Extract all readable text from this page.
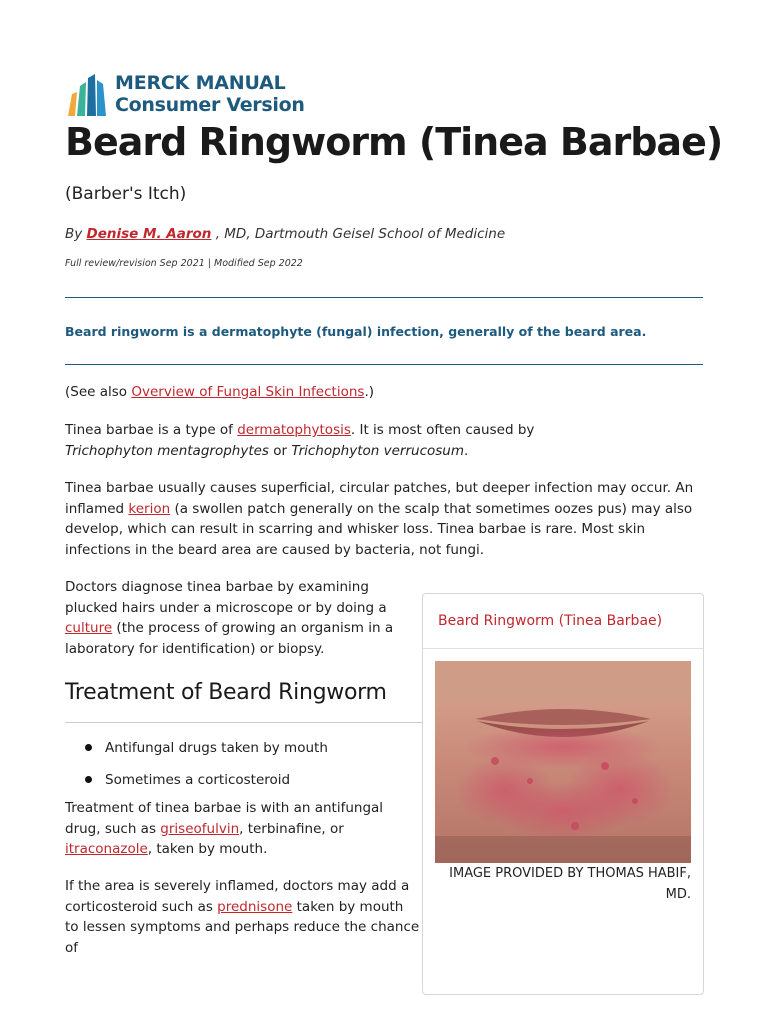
MERCK MANUAL
Consumer Version
Beard Ringworm (Tinea Barbae)
(Barber's Itch)
By Denise M. Aaron , MD, Dartmouth Geisel School of Medicine
Full review/revision Sep 2021 | Modified Sep 2022
Beard ringworm is a dermatophyte (fungal) infection, generally of the beard area.

(See also Overview of Fungal Skin Infections.)

Tinea barbae is a type of dermatophytosis. It is most often caused by Trichophyton mentagrophytes or Trichophyton verrucosum.

Tinea barbae usually causes superficial, circular patches, but deeper infection may occur. An inflamed kerion (a swollen patch generally on the scalp that sometimes oozes pus) may also develop, which can result in scarring and whisker loss. Tinea barbae is rare. Most skin infections in the beard area are caused by bacteria, not fungi.

Doctors diagnose tinea barbae by examining plucked hairs under a microscope or by doing a culture (the process of growing an organism in a laboratory for identification) or biopsy.

Treatment of Beard Ringworm
Antifungal drugs taken by mouth
Sometimes a corticosteroid

Treatment of tinea barbae is with an antifungal drug, such as griseofulvin, terbinafine, or itraconazole, taken by mouth.

If the area is severely inflamed, doctors may add a corticosteroid such as prednisone taken by mouth to lessen symptoms and perhaps reduce the chance of

Beard Ringworm (Tinea Barbae)
IMAGE PROVIDED BY THOMAS HABIF, MD.
